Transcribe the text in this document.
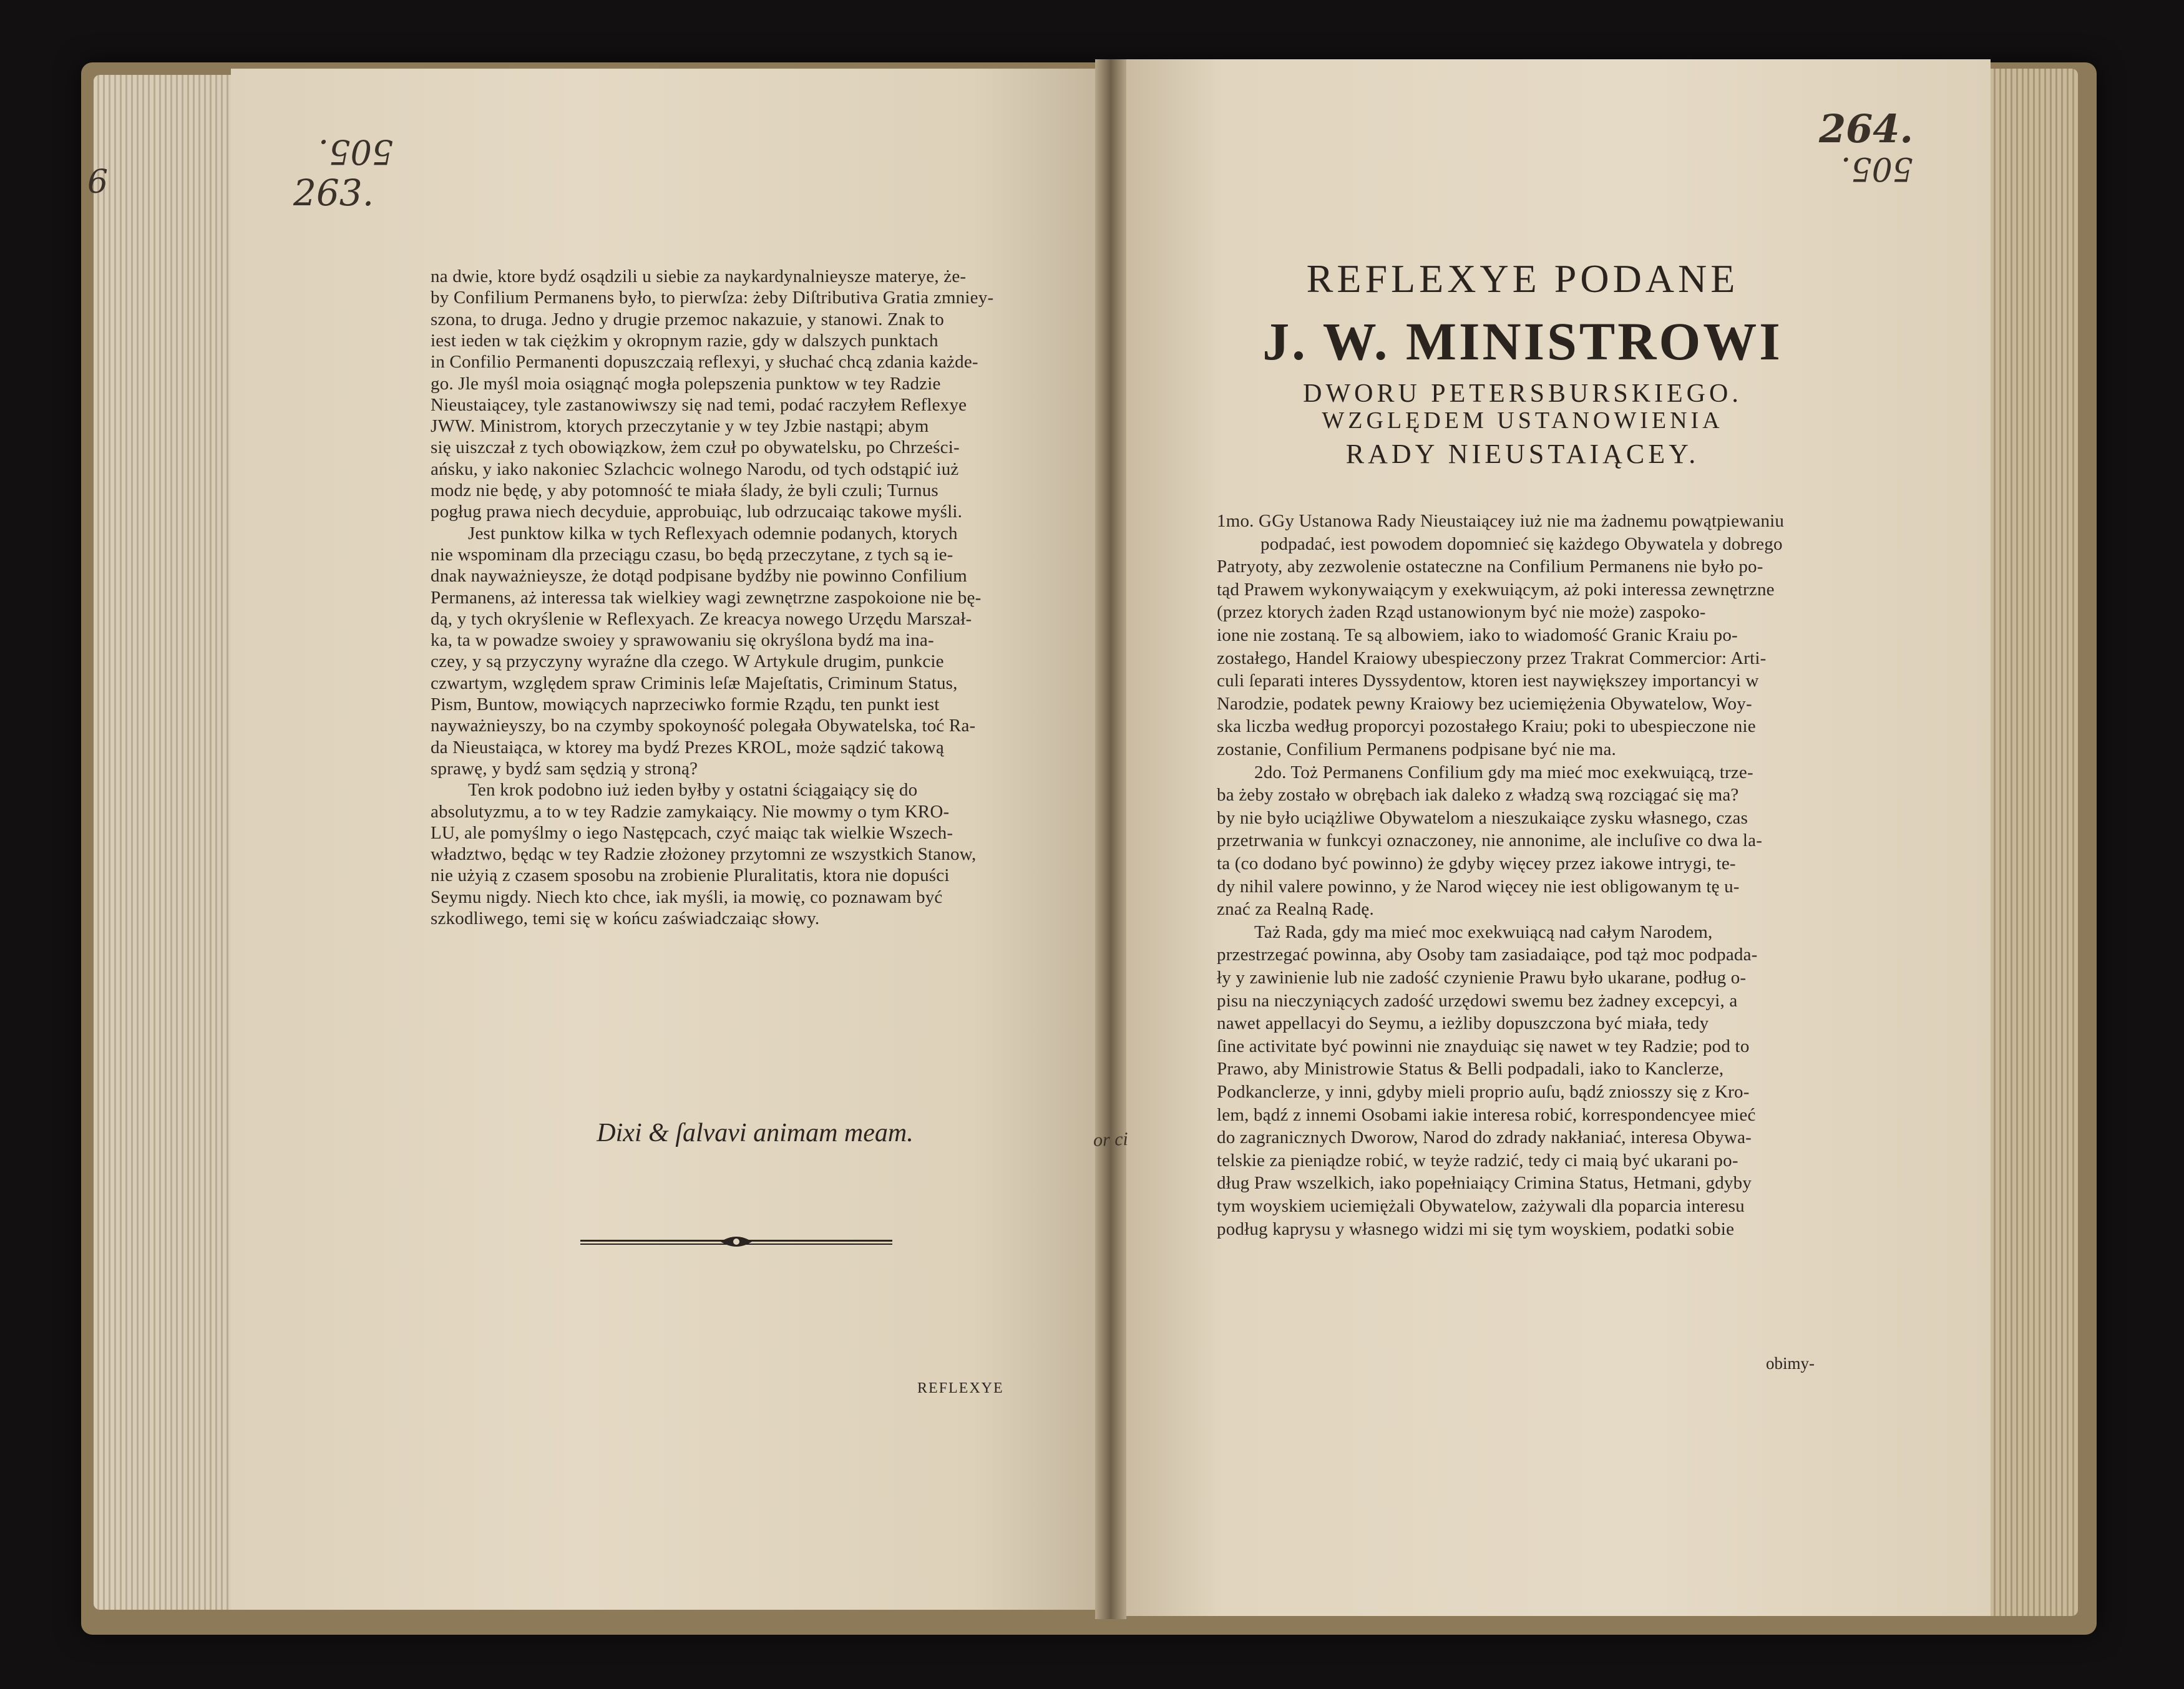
505.
263.
6
264.
505.
na dwie, ktore bydź osądzili u siebie za naykardynalnieysze materye, że-
by Confilium Permanens było, to pierwſza: żeby Diſtributiva Gratia zmniey-
szona, to druga. Jedno y drugie przemoc nakazuie, y stanowi. Znak to
iest ieden w tak ciężkim y okropnym razie, gdy w dalszych punktach
in Confilio Permanenti dopuszczaią reflexyi, y słuchać chcą zdania każde-
go. Jle myśl moia osiągnąć mogła polepszenia punktow w tey Radzie
Nieustaiącey, tyle zastanowiwszy się nad temi, podać raczyłem Reflexye
JWW. Ministrom, ktorych przeczytanie y w tey Jzbie nastąpi; abym
się uiszczał z tych obowiązkow, żem czuł po obywatelsku, po Chrześci-
ańsku, y iako nakoniec Szlachcic wolnego Narodu, od tych odstąpić iuż
modz nie będę, y aby potomność te miała ślady, że byli czuli; Turnus
pogług prawa niech decyduie, approbuiąc, lub odrzucaiąc takowe myśli.
Jest punktow kilka w tych Reflexyach odemnie podanych, ktorych
nie wspominam dla przeciągu czasu, bo będą przeczytane, z tych są ie-
dnak nayważnieysze, że dotąd podpisane bydźby nie powinno Confilium
Permanens, aż interessa tak wielkiey wagi zewnętrzne zaspokoione nie bę-
dą, y tych okryślenie w Reflexyach. Ze kreacya nowego Urzędu Marszał-
ka, ta w powadze swoiey y sprawowaniu się okryślona bydź ma ina-
czey, y są przyczyny wyraźne dla czego. W Artykule drugim, punkcie
czwartym, względem spraw Criminis leſæ Majeſtatis, Criminum Status,
Pism, Buntow, mowiących naprzeciwko formie Rządu, ten punkt iest
nayważnieyszy, bo na czymby spokoyność polegała Obywatelska, toć Ra-
da Nieustaiąca, w ktorey ma bydź Prezes KROL, może sądzić takową
sprawę, y bydź sam sędzią y stroną?
Ten krok podobno iuż ieden byłby y ostatni ściągaiący się do
absolutyzmu, a to w tey Radzie zamykaiący. Nie mowmy o tym KRO-
LU, ale pomyślmy o iego Następcach, czyć maiąc tak wielkie Wszech-
władztwo, będąc w tey Radzie złożoney przytomni ze wszystkich Stanow,
nie użyią z czasem sposobu na zrobienie Pluralitatis, ktora nie dopuści
Seymu nigdy. Niech kto chce, iak myśli, ia mowię, co poznawam być
szkodliwego, temi się w końcu zaświadczaiąc słowy.
Dixi & ſalvavi animam meam.
REFLEXYE
or ci
REFLEXYE PODANE
J. W. MINISTROWI
DWORU PETERSBURSKIEGO.
WZGLĘDEM USTANOWIENIA
RADY NIEUSTAIĄCEY.
1mo. GGy Ustanowa Rady Nieustaiącey iuż nie ma żadnemu powątpiewaniu
podpadać, iest powodem dopomnieć się każdego Obywatela y dobrego
Patryoty, aby zezwolenie ostateczne na Confilium Permanens nie było po-
tąd Prawem wykonywaiącym y exekwuiącym, aż poki interessa zewnętrzne
(przez ktorych żaden Rząd ustanowionym być nie może) zaspoko-
ione nie zostaną. Te są albowiem, iako to wiadomość Granic Kraiu po-
zostałego, Handel Kraiowy ubespieczony przez Trakrat Commercior: Arti-
culi ſeparati interes Dyssydentow, ktoren iest naywiększey importancyi w
Narodzie, podatek pewny Kraiowy bez uciemiężenia Obywatelow, Woy-
ska liczba według proporcyi pozostałego Kraiu; poki to ubespieczone nie
zostanie, Confilium Permanens podpisane być nie ma.
2do. Toż Permanens Confilium gdy ma mieć moc exekwuiącą, trze-
ba żeby zostało w obrębach iak daleko z władzą swą rozciągać się ma?
by nie było uciążliwe Obywatelom a nieszukaiące zysku własnego, czas
przetrwania w funkcyi oznaczoney, nie annonime, ale incluſive co dwa la-
ta (co dodano być powinno) że gdyby więcey przez iakowe intrygi, te-
dy nihil valere powinno, y że Narod więcey nie iest obligowanym tę u-
znać za Realną Radę.
Taż Rada, gdy ma mieć moc exekwuiącą nad całym Narodem,
przestrzegać powinna, aby Osoby tam zasiadaiące, pod tąż moc podpada-
ły y zawinienie lub nie zadość czynienie Prawu było ukarane, podług o-
pisu na nieczyniących zadość urzędowi swemu bez żadney excepcyi, a
nawet appellacyi do Seymu, a ieżliby dopuszczona być miała, tedy
ſine activitate być powinni nie znayduiąc się nawet w tey Radzie; pod to
Prawo, aby Ministrowie Status & Belli podpadali, iako to Kanclerze,
Podkanclerze, y inni, gdyby mieli proprio auſu, bądź zniosszy się z Kro-
lem, bądź z innemi Osobami iakie interesa robić, korrespondencyee mieć
do zagranicznych Dworow, Narod do zdrady nakłaniać, interesa Obywa-
telskie za pieniądze robić, w teyże radzić, tedy ci maią być ukarani po-
dług Praw wszelkich, iako popełniaiący Crimina Status, Hetmani, gdyby
tym woyskiem uciemiężali Obywatelow, zażywali dla poparcia interesu
podług kaprysu y własnego widzi mi się tym woyskiem, podatki sobie
obimy-
